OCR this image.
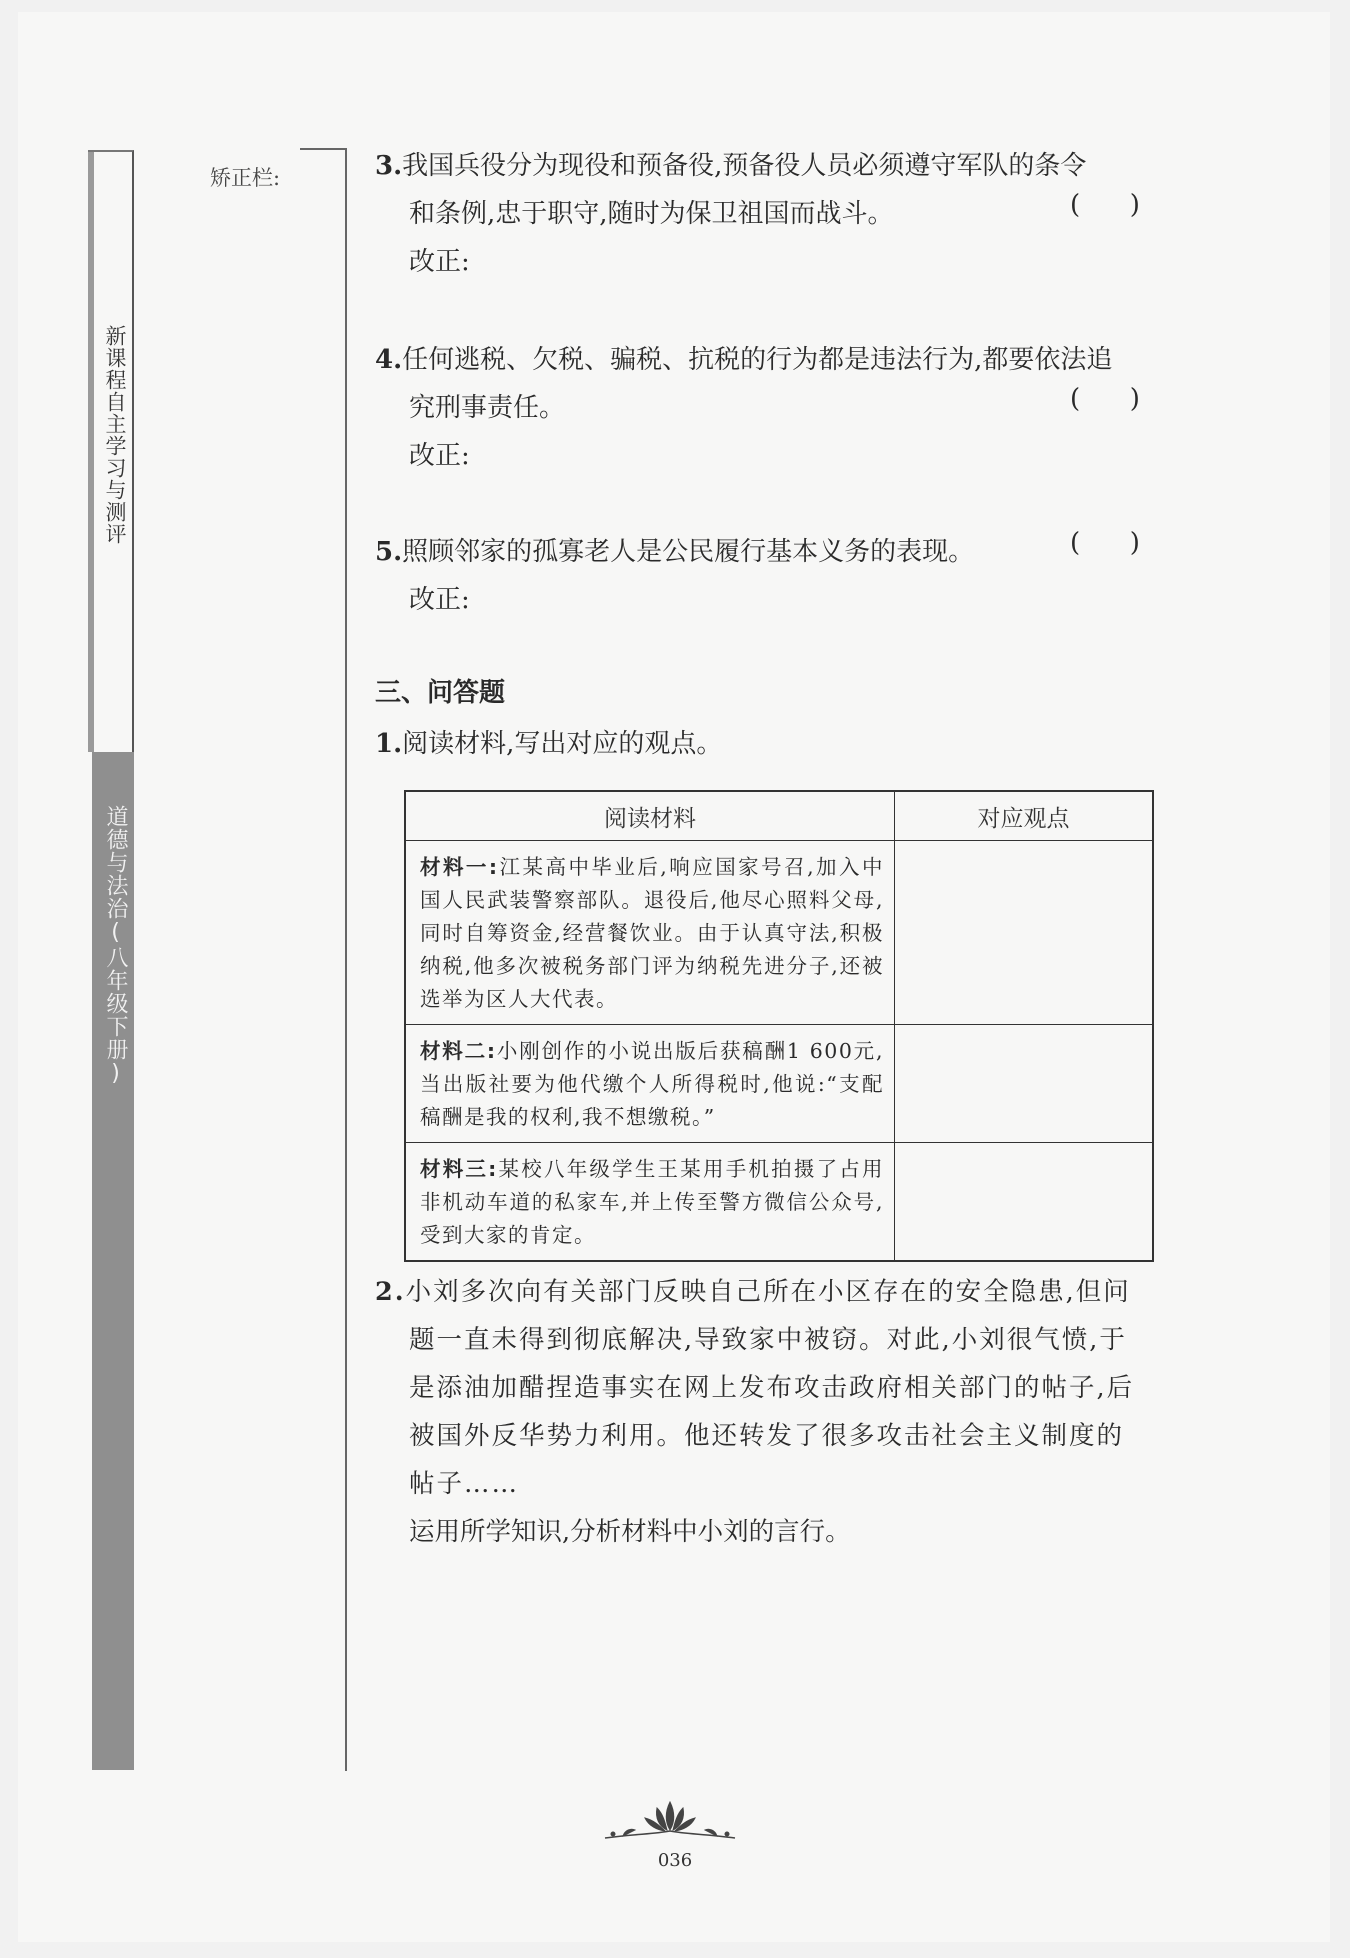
新课程自主学习与测评
道德与法治(八年级下册)
矫正栏:	3.我国兵役分为现役和预备役,预备役人员必须遵守军队的条令
和条例,忠于职守,随时为保卫祖国而战斗。
改正:
(      )
4.任何逃税、欠税、骗税、抗税的行为都是违法行为,都要依法追
究刑事责任。
改正:
(      )
5.照顾邻家的孤寡老人是公民履行基本义务的表现。
改正:
(      )
三、问答题
1.阅读材料,写出对应的观点。
阅读材料	对应观点
材料一:江某高中毕业后,响应国家号召,加入中国人民武装警察部队。退役后,他尽心照料父母,同时自筹资金,经营餐饮业。由于认真守法,积极纳税,他多次被税务部门评为纳税先进分子,还被选举为区人大代表。	
材料二:小刚创作的小说出版后获稿酬1 600元,当出版社要为他代缴个人所得税时,他说:“支配稿酬是我的权利,我不想缴税。”	
材料三:某校八年级学生王某用手机拍摄了占用非机动车道的私家车,并上传至警方微信公众号,受到大家的肯定。	
2.小刘多次向有关部门反映自己所在小区存在的安全隐患,但问
题一直未得到彻底解决,导致家中被窃。对此,小刘很气愤,于
是添油加醋捏造事实在网上发布攻击政府相关部门的帖子,后
被国外反华势力利用。他还转发了很多攻击社会主义制度的
帖子……
运用所学知识,分析材料中小刘的言行。
036
